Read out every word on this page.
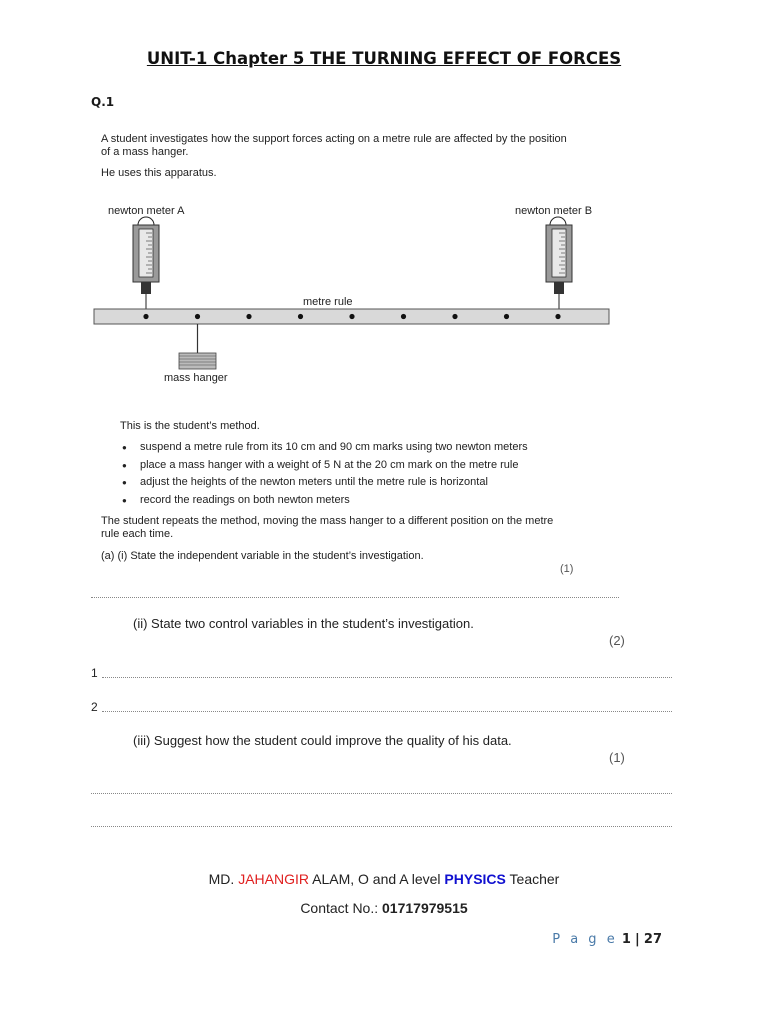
UNIT-1 Chapter 5 THE TURNING EFFECT OF FORCES
Q.1
A student investigates how the support forces acting on a metre rule are affected by the position of a mass hanger.
He uses this apparatus.
newton meter A	newton meter B
metre rule
mass hanger
This is the student’s method.
● suspend a metre rule from its 10 cm and 90 cm marks using two newton meters
● place a mass hanger with a weight of 5 N at the 20 cm mark on the metre rule
● adjust the heights of the newton meters until the metre rule is horizontal
● record the readings on both newton meters
The student repeats the method, moving the mass hanger to a different position on the metre rule each time.
(a) (i) State the independent variable in the student’s investigation.
(1)
(ii) State two control variables in the student’s investigation.
(2)
1
2
(iii) Suggest how the student could improve the quality of his data.
(1)
MD. JAHANGIR ALAM, O and A level PHYSICS Teacher
Contact No.: 01717979515
P a g e 1 | 27
